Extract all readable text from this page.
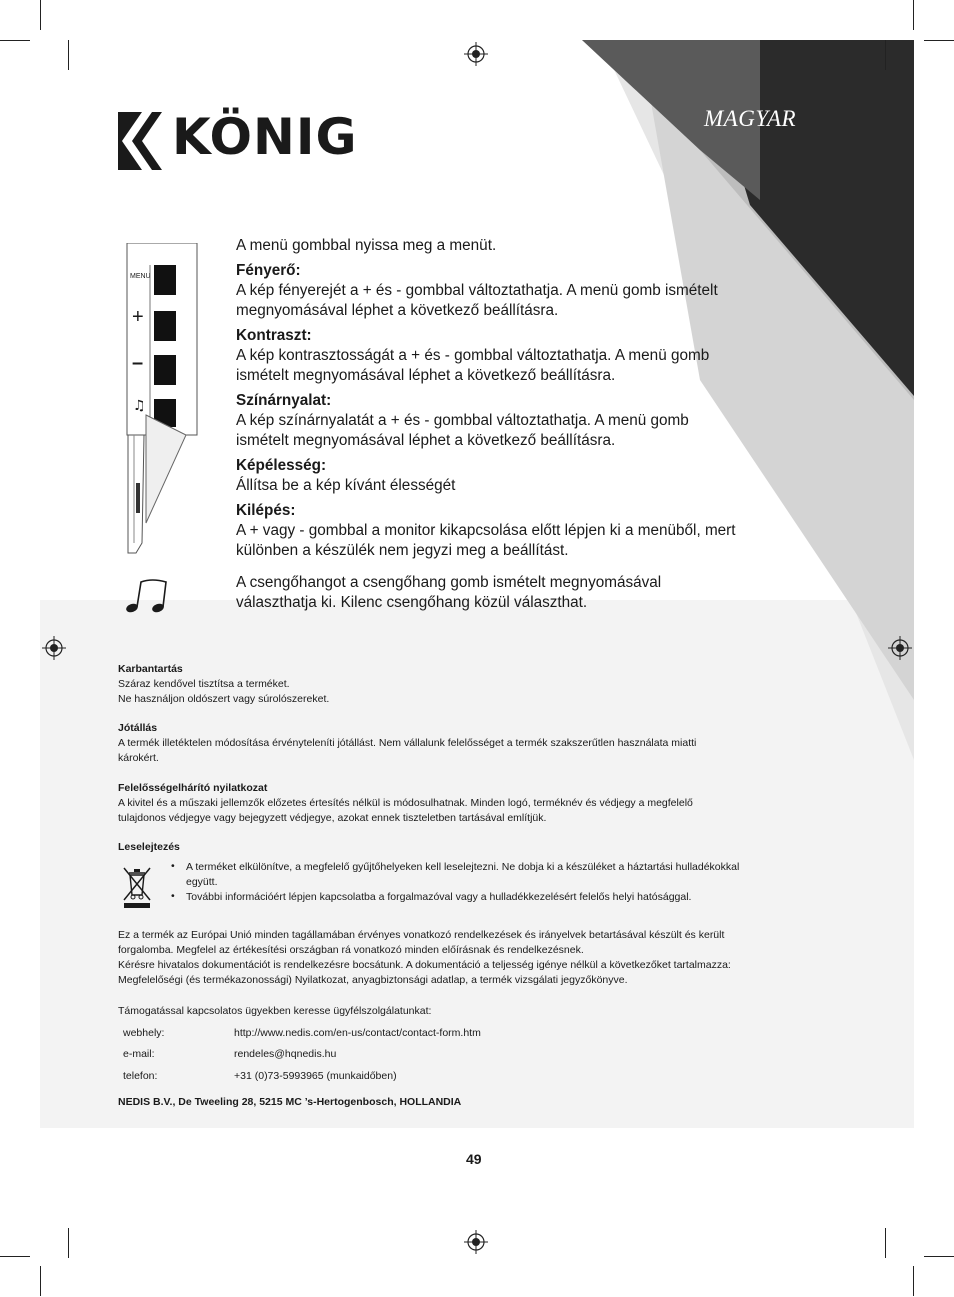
KÖNIG	MAGYAR
MENU
+
–
♫
A menü gombbal nyissa meg a menüt.
Fényerő:
A kép fényerejét a + és - gombbal változtathatja. A menü gomb ismételt
megnyomásával léphet a következő beállításra.
Kontraszt:
A kép kontrasztosságát a + és - gombbal változtathatja. A menü gomb
ismételt megnyomásával léphet a következő beállításra.
Színárnyalat:
A kép színárnyalatát a + és - gombbal változtathatja. A menü gomb
ismételt megnyomásával léphet a következő beállításra.
Képélesség:
Állítsa be a kép kívánt élességét
Kilépés:
A + vagy - gombbal a monitor kikapcsolása előtt lépjen ki a menüből, mert
különben a készülék nem jegyzi meg a beállítást.
A csengőhangot a csengőhang gomb ismételt megnyomásával
választhatja ki. Kilenc csengőhang közül választhat.
Karbantartás
Száraz kendővel tisztítsa a terméket.
Ne használjon oldószert vagy súrolószereket.
Jótállás
A termék illetéktelen módosítása érvényteleníti jótállást. Nem vállalunk felelősséget a termék szakszerűtlen használata miatti
károkért.
Felelősségelhárító nyilatkozat
A kivitel és a műszaki jellemzők előzetes értesítés nélkül is módosulhatnak. Minden logó, terméknév és védjegy a megfelelő
tulajdonos védjegye vagy bejegyzett védjegye, azokat ennek tiszteletben tartásával említjük.
Leselejtezés
• A terméket elkülönítve, a megfelelő gyűjtőhelyeken kell leselejtezni. Ne dobja ki a készüléket a háztartási hulladékokkal
együtt.
• További információért lépjen kapcsolatba a forgalmazóval vagy a hulladékkezelésért felelős helyi hatósággal.
Ez a termék az Európai Unió minden tagállamában érvényes vonatkozó rendelkezések és irányelvek betartásával készült és került
forgalomba. Megfelel az értékesítési országban rá vonatkozó minden előírásnak és rendelkezésnek.
Kérésre hivatalos dokumentációt is rendelkezésre bocsátunk. A dokumentáció a teljesség igénye nélkül a következőket tartalmazza:
Megfelelőségi (és termékazonossági) Nyilatkozat, anyagbiztonsági adatlap, a termék vizsgálati jegyzőkönyve.
Támogatással kapcsolatos ügyekben keresse ügyfélszolgálatunkat:
webhely:	http://www.nedis.com/en-us/contact/contact-form.htm
e-mail:	rendeles@hqnedis.hu
telefon:	+31 (0)73-5993965 (munkaidőben)
NEDIS B.V., De Tweeling 28, 5215 MC ’s-Hertogenbosch, HOLLANDIA
49
